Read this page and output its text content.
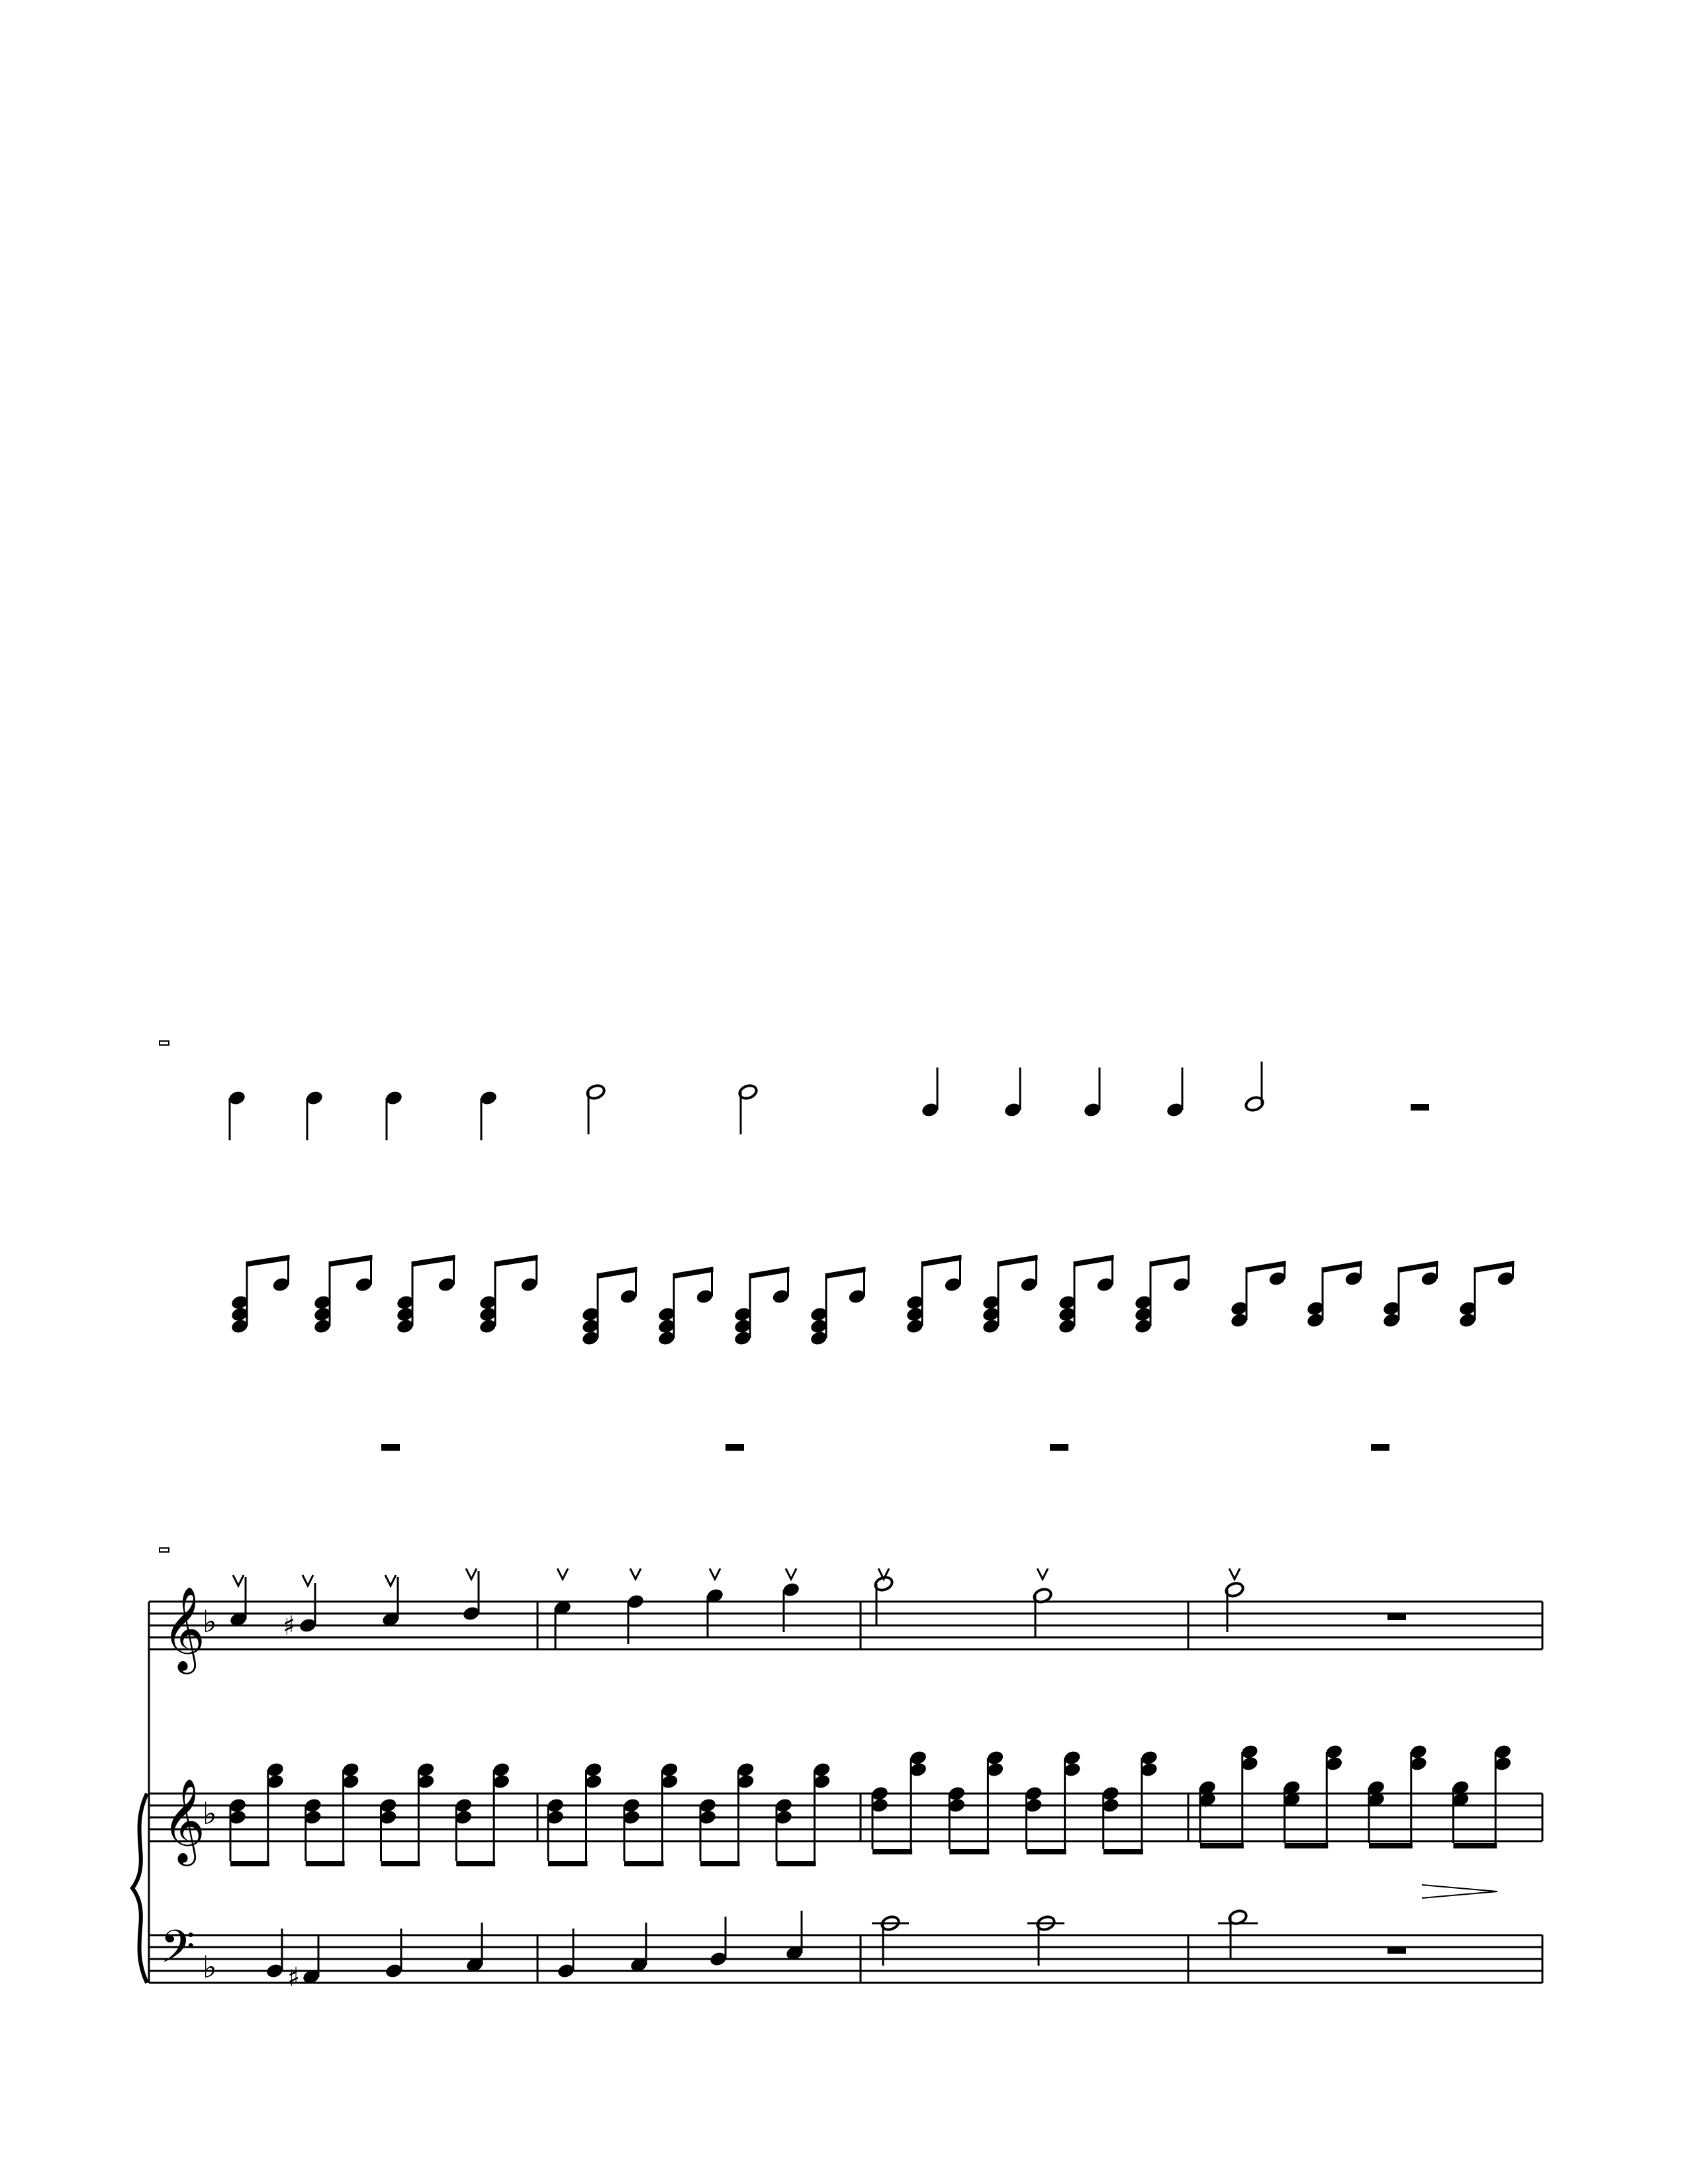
𝄞
𝄞
𝄢
♭
♭
♭
♯
♯
♯
